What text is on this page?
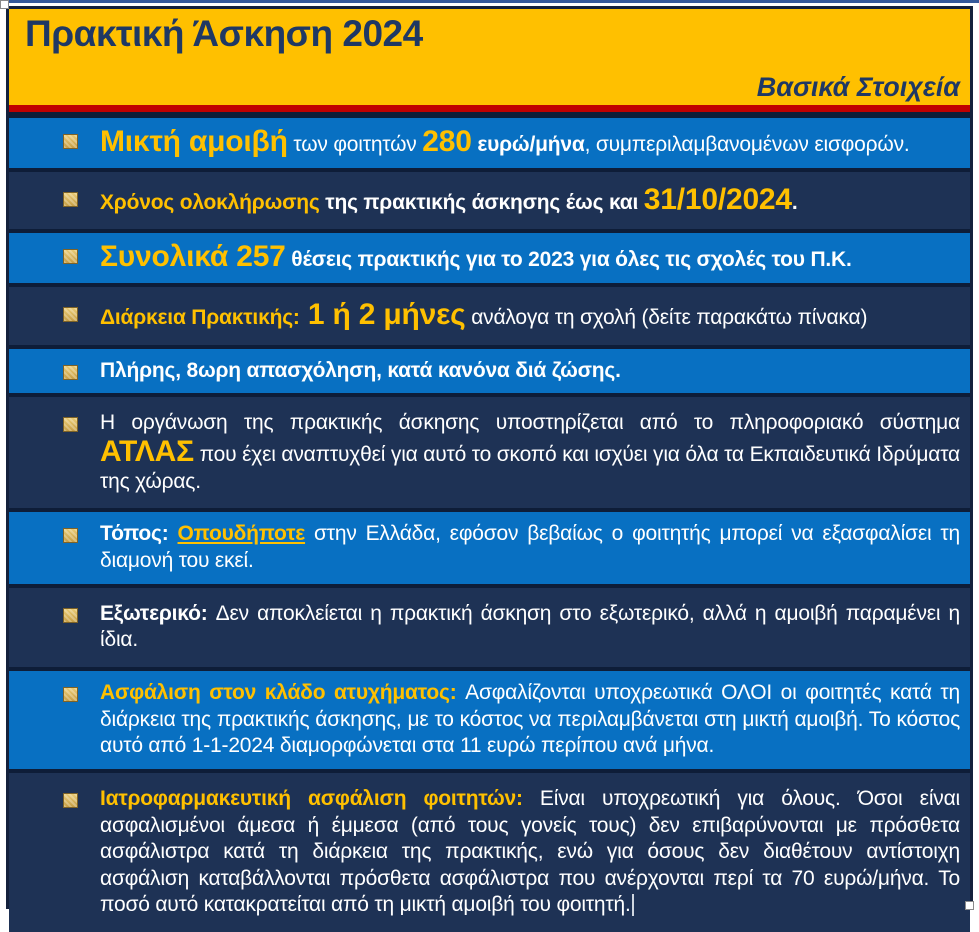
Πρακτική Άσκηση 2024
Βασικά Στοιχεία
Μικτή αμοιβή των φοιτητών 280 ευρώ/μήνα, συμπεριλαμβανομένων εισφορών.
Χρόνος ολοκλήρωσης της πρακτικής άσκησης έως και 31/10/2024.
Συνολικά 257 θέσεις πρακτικής για το 2023 για όλες τις σχολές του Π.Κ.
Διάρκεια Πρακτικής: 1 ή 2 μήνες ανάλογα τη σχολή (δείτε παρακάτω πίνακα)
Πλήρης, 8ωρη απασχόληση, κατά κανόνα διά ζώσης.
Η οργάνωση της πρακτικής άσκησης υποστηρίζεται από το πληροφοριακό σύστημα ΑΤΛΑΣ που έχει αναπτυχθεί για αυτό το σκοπό και ισχύει για όλα τα Εκπαιδευτικά Ιδρύματα της χώρας.
Τόπος: Οπουδήποτε στην Ελλάδα, εφόσον βεβαίως ο φοιτητής μπορεί να εξασφαλίσει τη διαμονή του εκεί.
Εξωτερικό: Δεν αποκλείεται η πρακτική άσκηση στο εξωτερικό, αλλά η αμοιβή παραμένει η ίδια.
Ασφάλιση στον κλάδο ατυχήματος: Ασφαλίζονται υποχρεωτικά ΟΛΟΙ οι φοιτητές κατά τη διάρκεια της πρακτικής άσκησης, με το κόστος να περιλαμβάνεται στη μικτή αμοιβή. Το κόστος αυτό από 1-1-2024 διαμορφώνεται στα 11 ευρώ περίπου ανά μήνα.
Ιατροφαρμακευτική ασφάλιση φοιτητών: Είναι υποχρεωτική για όλους. Όσοι είναι ασφαλισμένοι άμεσα ή έμμεσα (από τους γονείς τους) δεν επιβαρύνονται με πρόσθετα ασφάλιστρα κατά τη διάρκεια της πρακτικής, ενώ για όσους δεν διαθέτουν αντίστοιχη ασφάλιση καταβάλλονται πρόσθετα ασφάλιστρα που ανέρχονται περί τα 70 ευρώ/μήνα. Το ποσό αυτό κατακρατείται από τη μικτή αμοιβή του φοιτητή.
